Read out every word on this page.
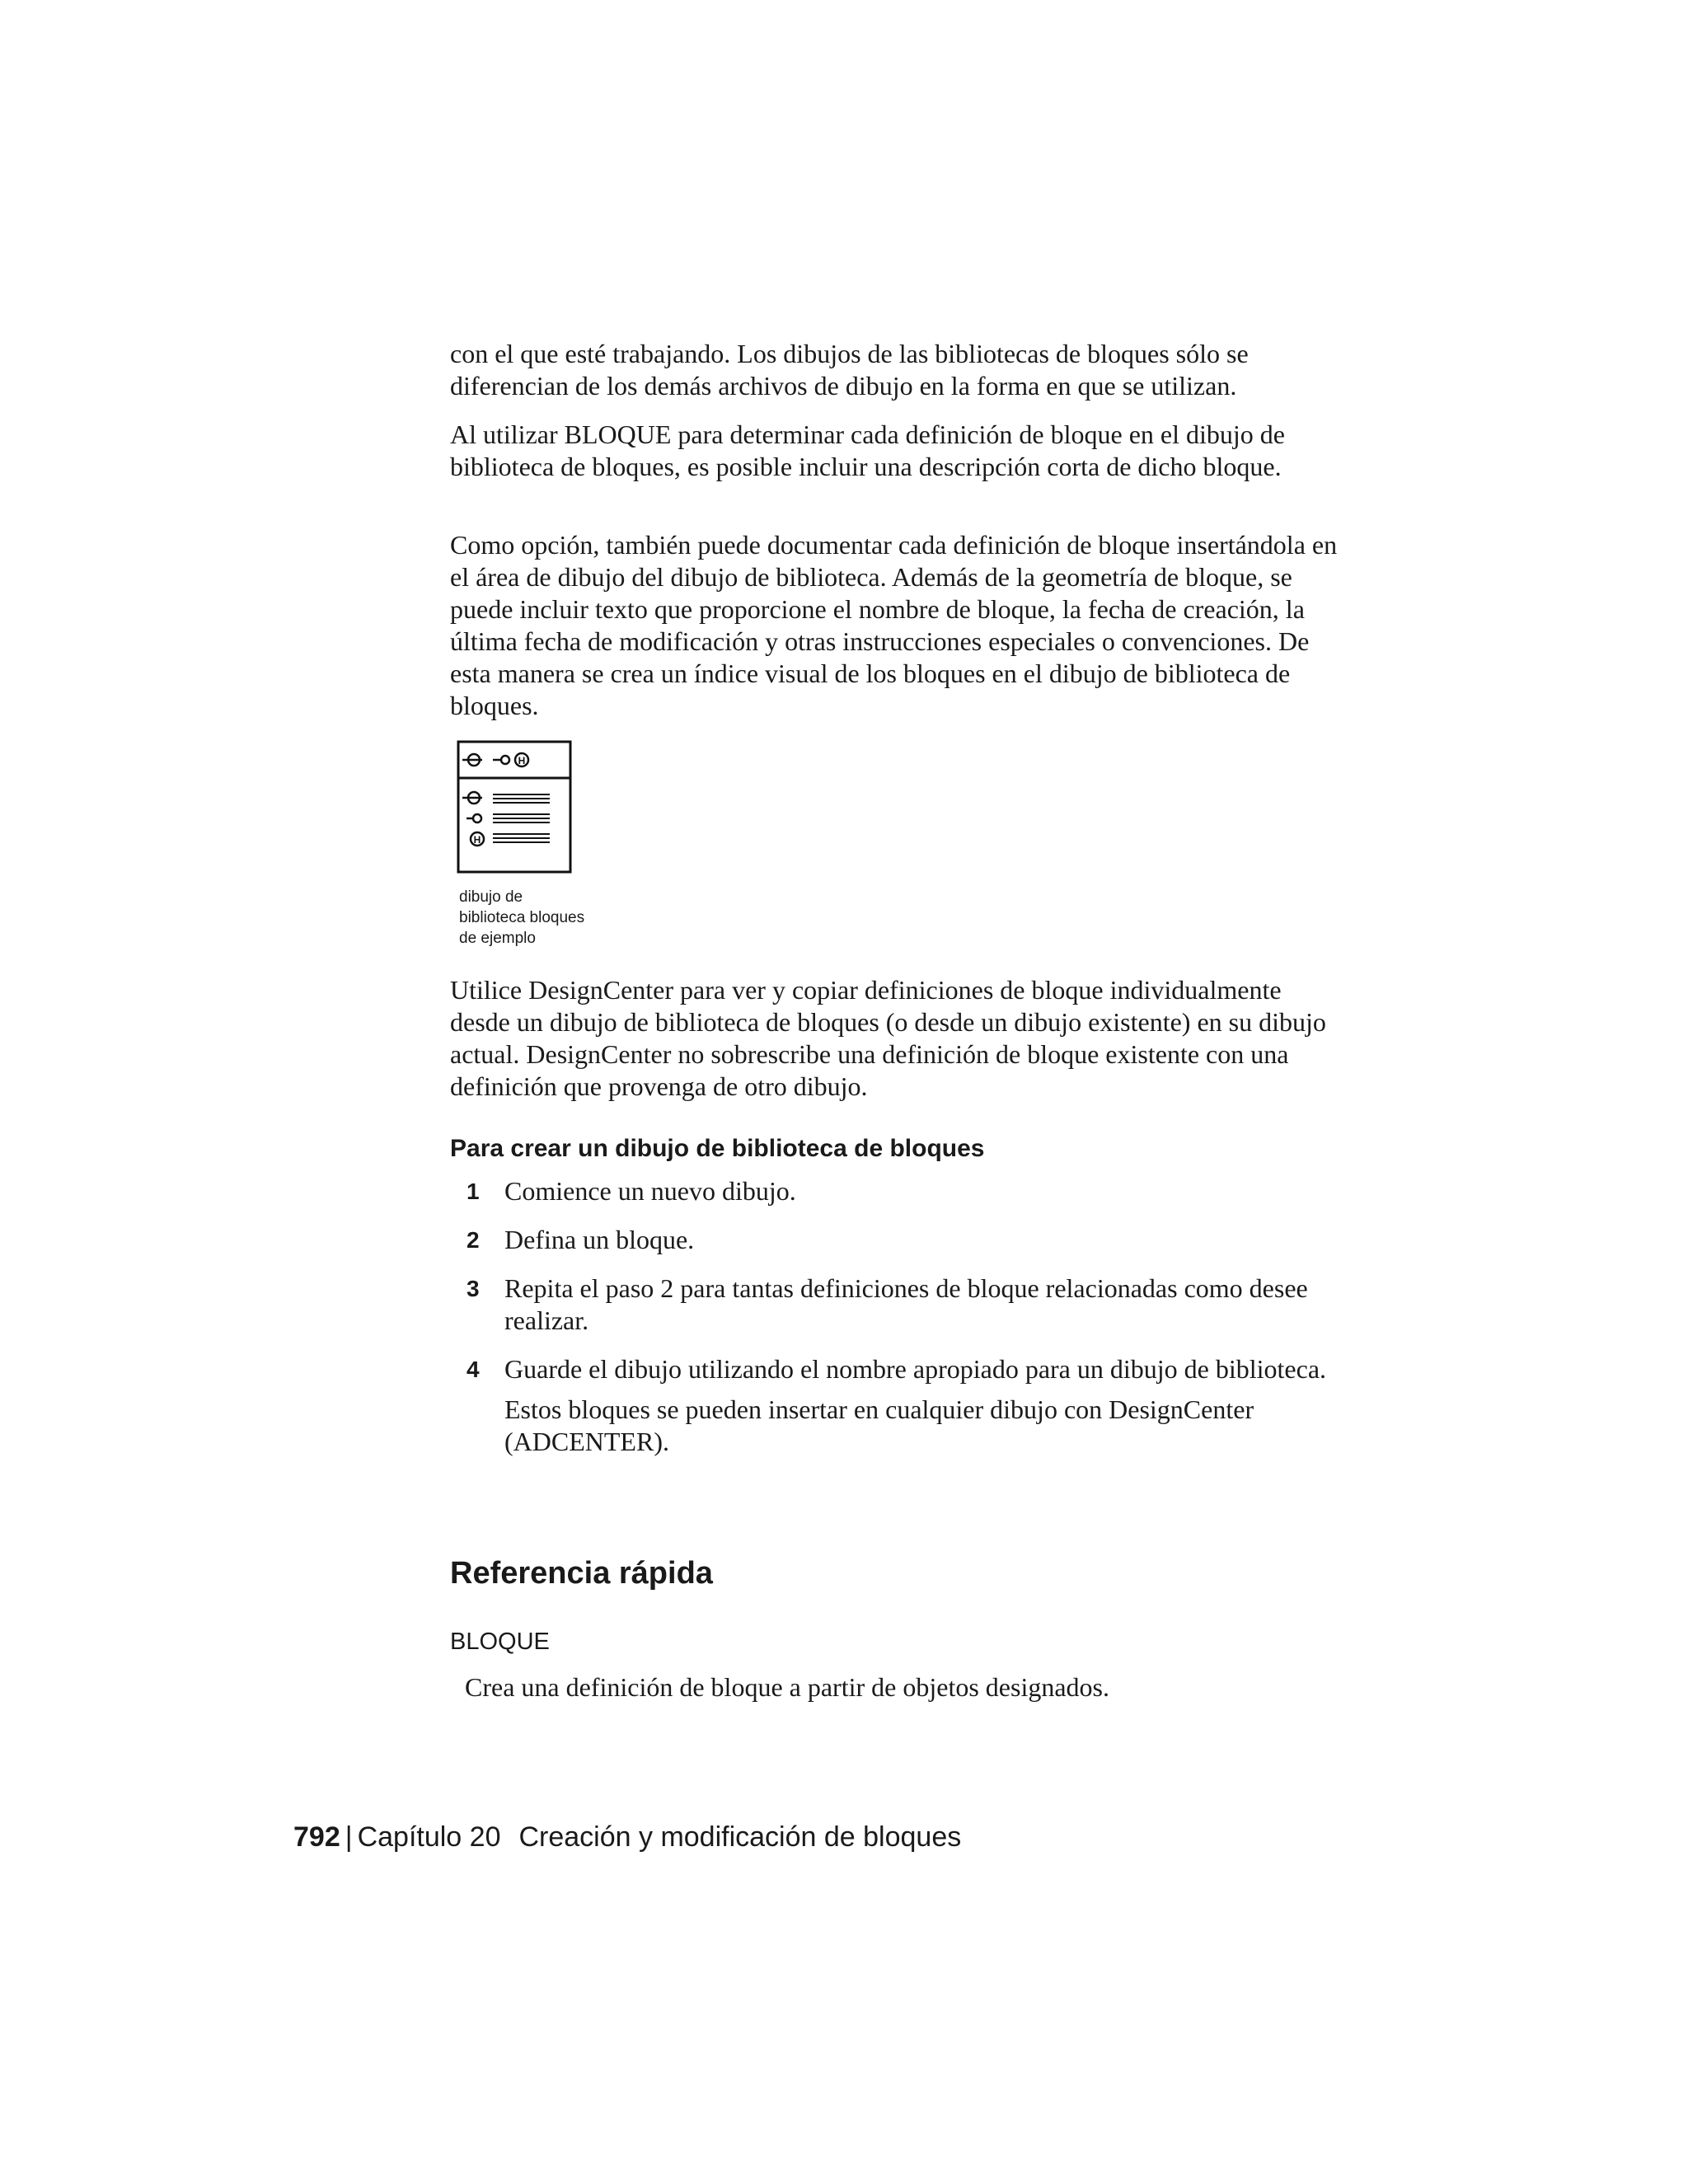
con el que esté trabajando. Los dibujos de las bibliotecas de bloques sólo se diferencian de los demás archivos de dibujo en la forma en que se utilizan.

Al utilizar BLOQUE para determinar cada definición de bloque en el dibujo de biblioteca de bloques, es posible incluir una descripción corta de dicho bloque.

Como opción, también puede documentar cada definición de bloque insertándola en el área de dibujo del dibujo de biblioteca. Además de la geometría de bloque, se puede incluir texto que proporcione el nombre de bloque, la fecha de creación, la última fecha de modificación y otras instrucciones especiales o convenciones. De esta manera se crea un índice visual de los bloques en el dibujo de biblioteca de bloques.

H
H

dibujo de
biblioteca bloques
de ejemplo

Utilice DesignCenter para ver y copiar definiciones de bloque individualmente desde un dibujo de biblioteca de bloques (o desde un dibujo existente) en su dibujo actual. DesignCenter no sobrescribe una definición de bloque existente con una definición que provenga de otro dibujo.

Para crear un dibujo de biblioteca de bloques
1 Comience un nuevo dibujo.
2 Defina un bloque.
3 Repita el paso 2 para tantas definiciones de bloque relacionadas como desee realizar.
4 Guarde el dibujo utilizando el nombre apropiado para un dibujo de biblioteca.
Estos bloques se pueden insertar en cualquier dibujo con DesignCenter (ADCENTER).
Referencia rápida

BLOQUE

Crea una definición de bloque a partir de objetos designados.

792 | Capítulo 20 Creación y modificación de bloques
